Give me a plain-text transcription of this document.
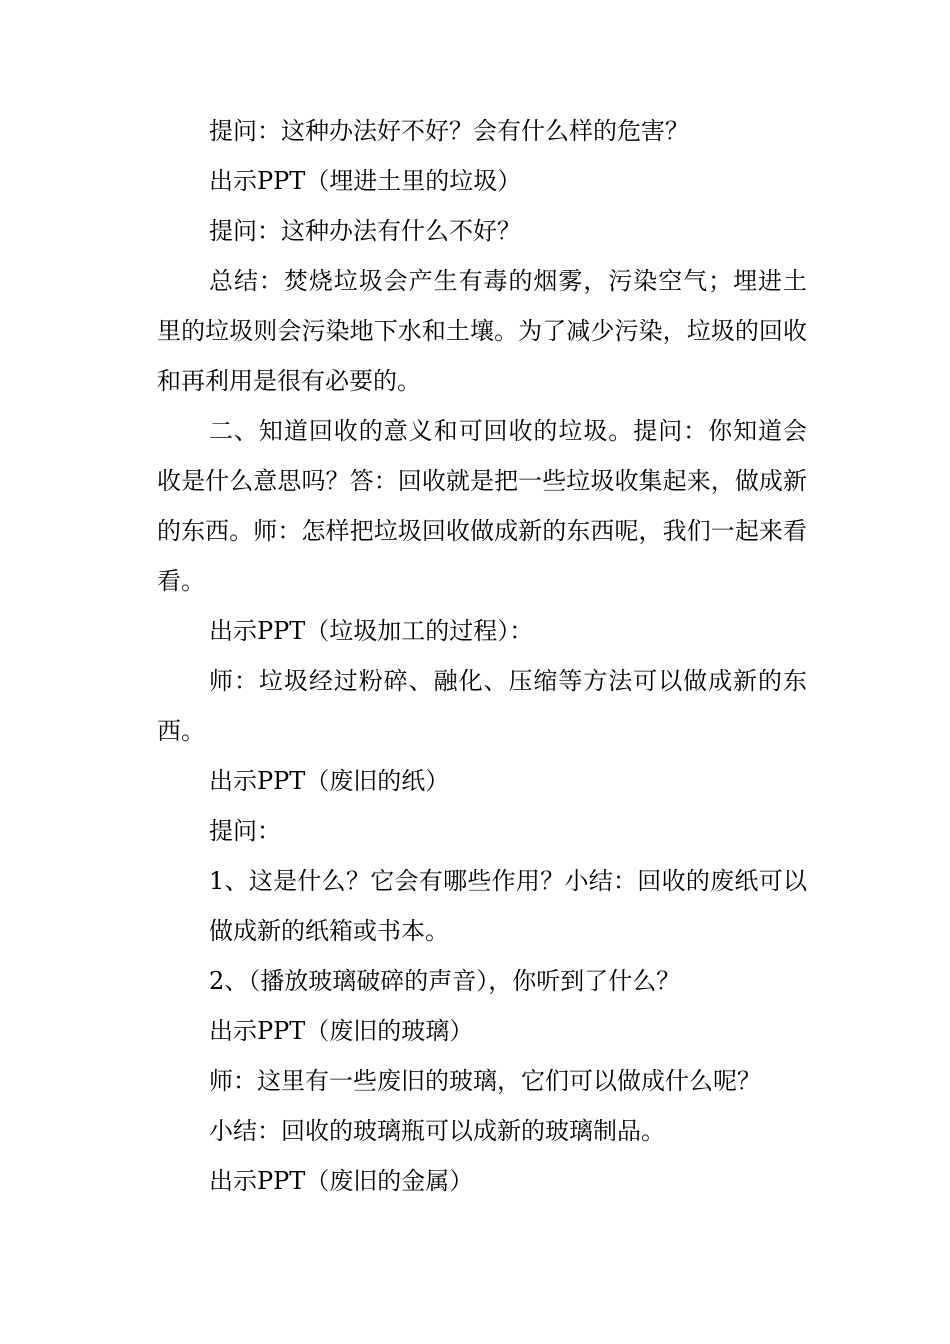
提问：这种办法好不好？会有什么样的危害？

出示PPT（埋进土里的垃圾）

提问：这种办法有什么不好？

总结：焚烧垃圾会产生有毒的烟雾，污染空气；埋进土里的垃圾则会污染地下水和土壤。为了减少污染，垃圾的回收和再利用是很有必要的。

二、知道回收的意义和可回收的垃圾。提问：你知道会收是什么意思吗？答：回收就是把一些垃圾收集起来，做成新的东西。师：怎样把垃圾回收做成新的东西呢，我们一起来看看。

出示PPT（垃圾加工的过程）：

师：垃圾经过粉碎、融化、压缩等方法可以做成新的东西。

出示PPT（废旧的纸）

提问：

1、这是什么？它会有哪些作用？小结：回收的废纸可以做成新的纸箱或书本。

2、（播放玻璃破碎的声音），你听到了什么？

出示PPT（废旧的玻璃）

师：这里有一些废旧的玻璃，它们可以做成什么呢？

小结：回收的玻璃瓶可以成新的玻璃制品。

出示PPT（废旧的金属）
